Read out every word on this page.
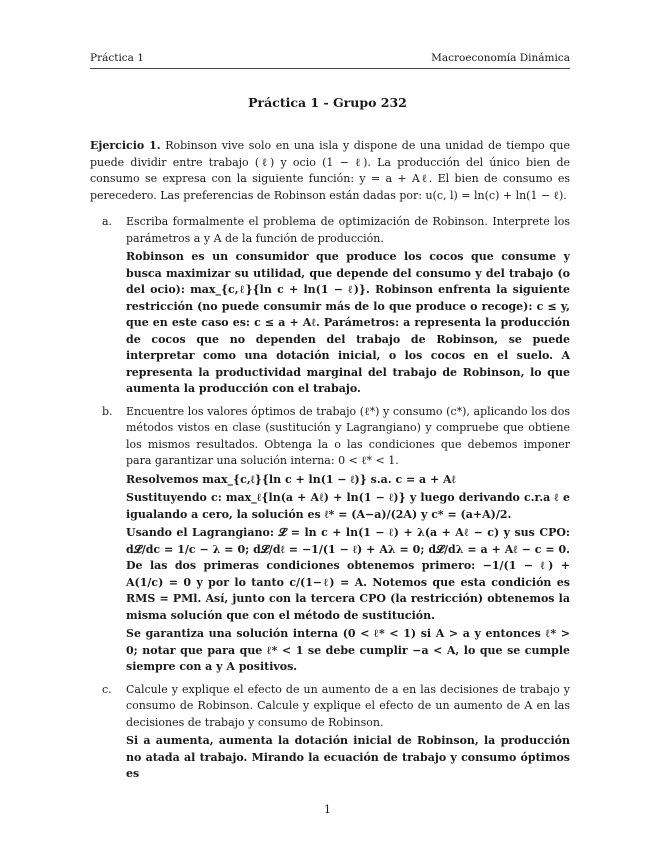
Práctica 1	Macroeconomía Dinámica
Práctica 1 - Grupo 232

Ejercicio 1. Robinson vive solo en una isla y dispone de una unidad de tiempo que puede dividir entre trabajo (ℓ) y ocio (1 − ℓ). La producción del único bien de consumo se expresa con la siguiente función: y = a + Aℓ. El bien de consumo es perecedero. Las preferencias de Robinson están dadas por: u(c, l) = ln(c) + ln(1 − ℓ).

a.	Escriba formalmente el problema de optimización de Robinson. Interprete los parámetros a y A de la función de producción.

Robinson es un consumidor que produce los cocos que consume y busca maximizar su utilidad, que depende del consumo y del trabajo (o del ocio): max_{c,ℓ}{ln c + ln(1 − ℓ)}. Robinson enfrenta la siguiente restricción (no puede consumir más de lo que produce o recoge): c ≤ y, que en este caso es: c ≤ a + Aℓ. Parámetros: a representa la producción de cocos que no dependen del trabajo de Robinson, se puede interpretar como una dotación inicial, o los cocos en el suelo. A representa la productividad marginal del trabajo de Robinson, lo que aumenta la producción con el trabajo.

b.	Encuentre los valores óptimos de trabajo (ℓ*) y consumo (c*), aplicando los dos métodos vistos en clase (sustitución y Lagrangiano) y compruebe que obtiene los mismos resultados. Obtenga la o las condiciones que debemos imponer para garantizar una solución interna: 0 < ℓ* < 1.

Resolvemos max_{c,ℓ}{ln c + ln(1 − ℓ)} s.a. c = a + Aℓ

Sustituyendo c: max_ℓ{ln(a + Aℓ) + ln(1 − ℓ)} y luego derivando c.r.a ℓ e igualando a cero, la solución es ℓ* = (A−a)/(2A) y c* = (a+A)/2.

Usando el Lagrangiano: 𝓛 = ln c + ln(1 − ℓ) + λ(a + Aℓ − c) y sus CPO: d𝓛/dc = 1/c − λ = 0; d𝓛/dℓ = −1/(1 − ℓ) + Aλ = 0; d𝓛/dλ = a + Aℓ − c = 0. De las dos primeras condiciones obtenemos primero: −1/(1 − ℓ) + A(1/c) = 0 y por lo tanto c/(1−ℓ) = A. Notemos que esta condición es RMS = PMl. Así, junto con la tercera CPO (la restricción) obtenemos la misma solución que con el método de sustitución.

Se garantiza una solución interna (0 < ℓ* < 1) si A > a y entonces ℓ* > 0; notar que para que ℓ* < 1 se debe cumplir −a < A, lo que se cumple siempre con a y A positivos.

c.	Calcule y explique el efecto de un aumento de a en las decisiones de trabajo y consumo de Robinson. Calcule y explique el efecto de un aumento de A en las decisiones de trabajo y consumo de Robinson.

Si a aumenta, aumenta la dotación inicial de Robinson, la producción no atada al trabajo. Mirando la ecuación de trabajo y consumo óptimos es

1
